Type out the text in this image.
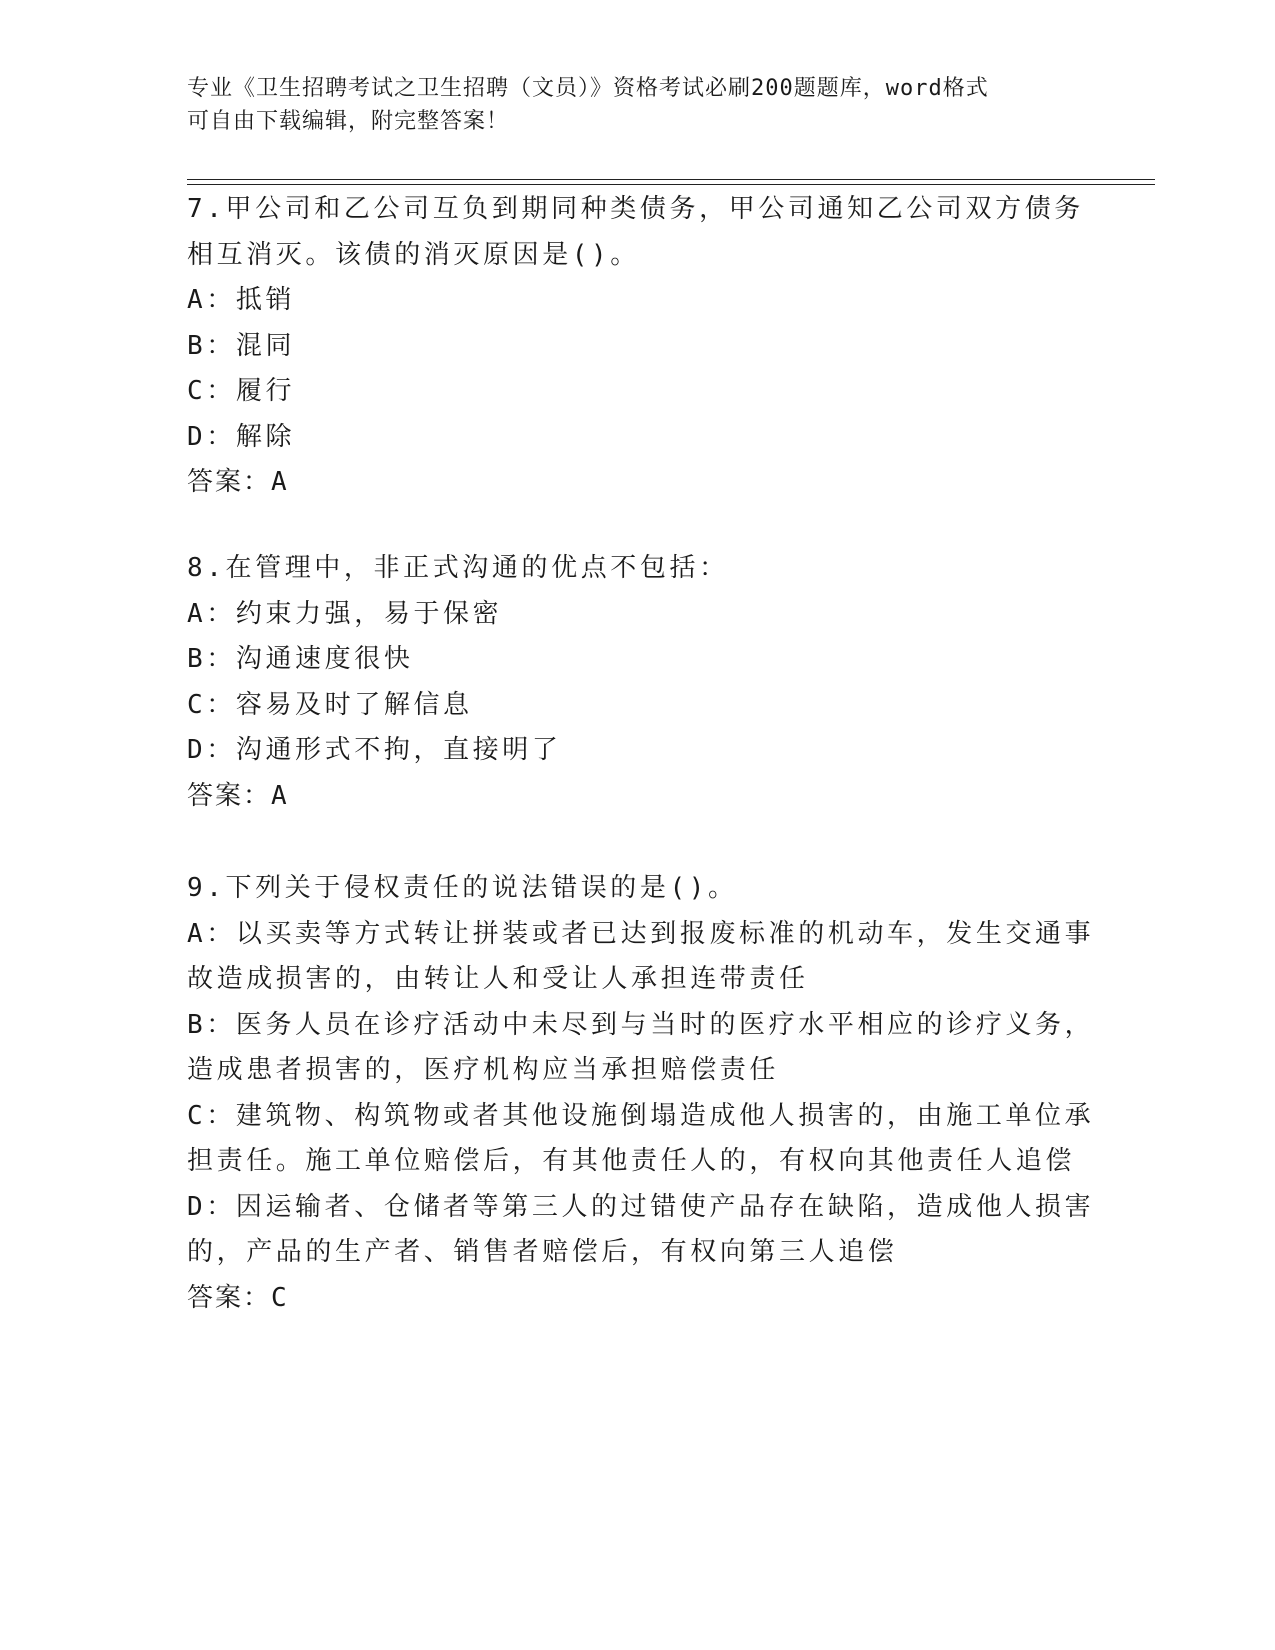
专业《卫生招聘考试之卫生招聘（文员）》资格考试必刷200题题库，word格式
可自由下载编辑，附完整答案！
7.甲公司和乙公司互负到期同种类债务，甲公司通知乙公司双方债务
相互消灭。该债的消灭原因是()。
A：抵销
B：混同
C：履行
D：解除
答案：A
8.在管理中，非正式沟通的优点不包括：
A：约束力强，易于保密
B：沟通速度很快
C：容易及时了解信息
D：沟通形式不拘，直接明了
答案：A
9.下列关于侵权责任的说法错误的是()。
A：以买卖等方式转让拼装或者已达到报废标准的机动车，发生交通事
故造成损害的，由转让人和受让人承担连带责任
B：医务人员在诊疗活动中未尽到与当时的医疗水平相应的诊疗义务，
造成患者损害的，医疗机构应当承担赔偿责任
C：建筑物、构筑物或者其他设施倒塌造成他人损害的，由施工单位承
担责任。施工单位赔偿后，有其他责任人的，有权向其他责任人追偿
D：因运输者、仓储者等第三人的过错使产品存在缺陷，造成他人损害
的，产品的生产者、销售者赔偿后，有权向第三人追偿
答案：C
